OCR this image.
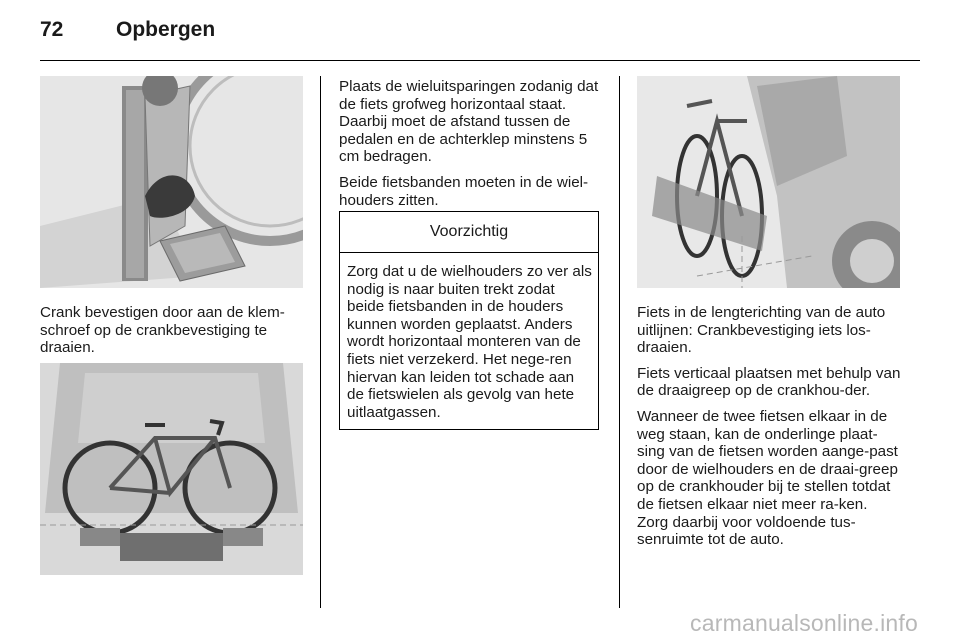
72	Opbergen

Crank bevestigen door aan de klem-schroef op de crankbevestiging te draaien.

Plaats de wieluitsparingen zodanig dat de fiets grofweg horizontaal staat. Daarbij moet de afstand tussen de pedalen en de achterklep minstens 5 cm bedragen.

Beide fietsbanden moeten in de wiel-houders zitten.

Voorzichtig
Zorg dat u de wielhouders zo ver als nodig is naar buiten trekt zodat beide fietsbanden in de houders kunnen worden geplaatst. Anders wordt horizontaal monteren van de fiets niet verzekerd. Het nege-ren hiervan kan leiden tot schade aan de fietswielen als gevolg van hete uitlaatgassen.

Fiets in de lengterichting van de auto uitlijnen: Crankbevestiging iets los-draaien.

Fiets verticaal plaatsen met behulp van de draaigreep op de crankhou-der.

Wanneer de twee fietsen elkaar in de weg staan, kan de onderlinge plaat-sing van de fietsen worden aange-past door de wielhouders en de draai-greep op de crankhouder bij te stellen totdat de fietsen elkaar niet meer ra-ken. Zorg daarbij voor voldoende tus-senruimte tot de auto.

carmanualsonline.info
